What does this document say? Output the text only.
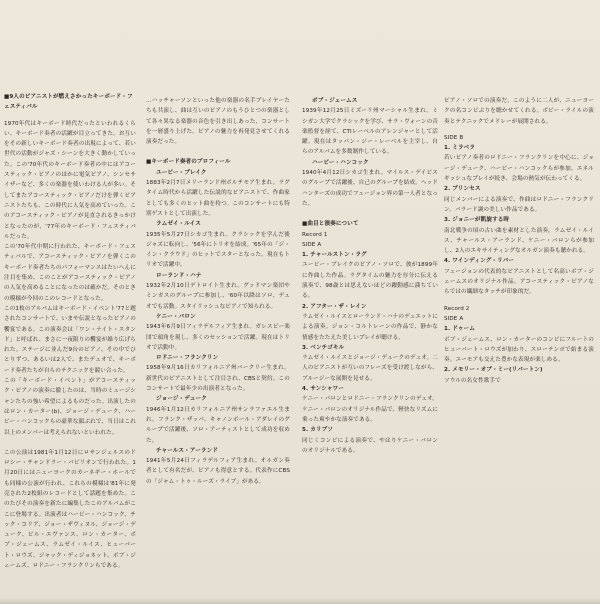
■9人のピアニストが燃えさかったキーボード・フェスティバル

1970年代はキーボード時代だったといわれるくらい、キーボード奏者の活躍が目立ってきた。お互いをその新しいキーボード奏者の出現によって、若い世代の活動がジャズ・シーンを大きく動かしていった。この'70年代のキーボード奏者の中にはアコースティック・ピアノのほかに電気ピアノ、シンセサイザーなど、多くの楽器を使いわける人が多い。そしてまたアコースティック・ピアノだけを弾くピアニストたちも、この時代に人気を高めていった。このアコースティック・ピアノが見直されるきっかけとなったのが、'77年のキーボード・フェスティバルだった。

この'70年代中期に行われた、キーボード・フェスティバルで、アコースティック・ピアノを弾くこのキーボード奏者たちのパフォーマンスはたいへんに注目を集め、このことがアコースティック・ピアノの人気を高めることになったのは確かだ。そのときの模様が今回のこのレコードとなった。

この1枚のアルバムはキーボード・イベント'77と題されたコンサートで、いまや伝説となったピアノの饗宴である。この演奏会は「ワン・ナイト・スタンド」と呼ばれ、まさに一夜限りの饗宴が繰り広げられた。ステージに並んだ9台のピアノ、その中でひとりずつ、あるいは2人で、またデュオで、キーボード奏者たちが自らのテクニックを競い合った。

この「キーボード・イベント」がアコースティック・ピアノの演奏に徹したのは、当時のミュージシャンたちの強い希望によるものだった。出演したのはロン・カーター(b)、ジョージ・デューク、ハービー・ハンコックらの豪華な顔ぶれで、当日はこれ以上のメンバーは考えられないといわれた。

この公演は1981年1月12日にロサンジェルスのドロシー・チャンドラー・パビリオンで行われた。1月20日にはニューヨークのカーネギー・ホールでも同様の公演が行われ、これらの模様は'81年に発売された2枚組のレコードとして話題を集めた。このたびその演奏を新たに編集したこのアルバムがここに登場する。出演者はハービー・ハンコック、チック・コリア、ジョー・ザヴィヌル、ジョージ・デューク、ビル・エヴァンス、ロン・カーター、ボブ・ジェームス、ラムゼイ・ルイス、ヒューバート・ロウズ、ジャック・ディジョネット、ボブ・ジェームズ、ロドニー・フランクリンらである。

…ハッチャーソンといった他の楽器の名手プレイヤーたちも共演し、曲は互いのピアノのもうひとつの楽器として各々異なる楽器の音色を引き出しあった、コンサートを一層盛り上げた。ピアノの魅力を再発見させてくれる演奏だった。

■キーボード奏者のプロフィール

ユービー・ブレイク

1883年2月7日メリーランド州ボルチモア生まれ。ラグタイム時代から活躍した伝説的なピアニストで、作曲家としても多くのヒット曲を持つ。このコンサートにも特別ゲストとして出演した。

ラムゼイ・ルイス

1935年5月27日シカゴ生まれ。クラシックを学んだ後ジャズに転向し、'56年にトリオを結成。'65年の「ジ・イン・クラウド」のヒットでスターとなった。現在もトリオで活躍中。

ローランド・ハナ

1932年2月10日デトロイト生まれ。グッドマン楽団やミンガスのグループに参加し、'60年以降はソロ、デュオでも活動。スタイリッシュなピアノで知られる。

ケニー・バロン

1943年6月9日フィラデルフィア生まれ。ガレスピー楽団で頭角を現し、多くのセッションで活躍。現在はトリオで活動中。

ロドニー・フランクリン

1958年9月16日カリフォルニア州バークリー生まれ。新世代のピアニストとして注目され、CBSと契約。このコンサートで最年少の出演者となった。

ジョージ・デューク

1946年1月12日カリフォルニア州サンラファエル生まれ。フランク・ザッパ、キャノンボール・アダレイのグループで活躍後、ソロ・アーティストとして成功を収めた。

チャールス・アーランド

1941年5月24日フィラデルフィア生まれ。オルガン奏者として有名だが、ピアノも得意とする。代表作にCBSの「ジャム・トゥ・ルーズ・ライブ」がある。

ボブ・ジェームス

1939年12月25日ミズーリ州マーシャル生まれ。ミシガン大学でクラシックを学び、サラ・ヴォーンの音楽監督を経て、CTIレーベルのアレンジャーとして活躍。現在はタッパン・ジー・レーベルを主宰し、自らのアルバムを多数制作している。

ハービー・ハンコック

1940年4月12日シカゴ生まれ。マイルス・デイビスのグループで活躍後、自己のグループを結成。ヘッドハンターズの成功でフュージョン界の第一人者となった。

■曲目と演奏について

Record 1

SIDE A

1. チャールストン・ラグ

ユービー・ブレイクのピアノ・ソロで、彼が1899年に作曲した作品。ラグタイムの魅力を存分に伝える演奏で、98歳とは思えないほどの躍動感に満ちている。

2. アフター・ザ・レイン

ラムゼイ・ルイスとローランド・ハナのデュエットによる演奏。ジョン・コルトレーンの作品で、静かな情感をたたえた美しいプレイが聴ける。

3. ベンチゴキル

ラムゼイ・ルイスとジョージ・デュークのデュオ。二人のピアニストが互いのフレーズを受け渡しながら、ブルージーな展開を見せる。

4. サンシャワー

ケニー・バロンとロドニー・フランクリンのデュオ。ケニー・バロンのオリジナル作品で、軽快なリズムに乗った爽やかな演奏である。

5. カリプソ

同じくコンビによる演奏で、やはりケニー・バロンのオリジナルである。

ピアノ・ソロでの演奏だ。このように二人が、ニューヨークの名コンビぶりを聴かせてくれる。ボビー・ライルの演奏とテクニックでメドレーが展開される。

SIDE B

1. ミラベラ

若いピアノ奏者のロドニー・フランクリンを中心に、ジョージ・デューク、ハービー・ハンコックらが参加。エネルギッシュなプレイが続き、会場の熱気が伝わってくる。

2. プリンセス

同じメンバーによる演奏で、作曲はロドニー・フランクリン。バラード調の美しい作品である。

3. ジョニーが凱旋する時

南北戦争の頃の古い曲を素材とした演奏。ラムゼイ・ルイス、チャールス・アーランド、ケニー・バロンらが参加し、2人のエキサイティングなオルガン演奏も聴かれる。

4. ワインディング・リバー

フュージョンの代表的なピアニストとして名高いボブ・ジェームスのオリジナル作品。アコースティック・ピアノならではの繊細なタッチが印象的だ。

Record 2

SIDE A

1. ドゥーム

ボブ・ジェームス、ロン・カーターのコンビにフルートのヒューバート・ロウズが加わり、スローテンポで始まる演奏。ユーモアも交えた豊かな表現が楽しめる。

2. メモリー・オブ・ミー(リバートン)

ソウルの名女性歌手で
